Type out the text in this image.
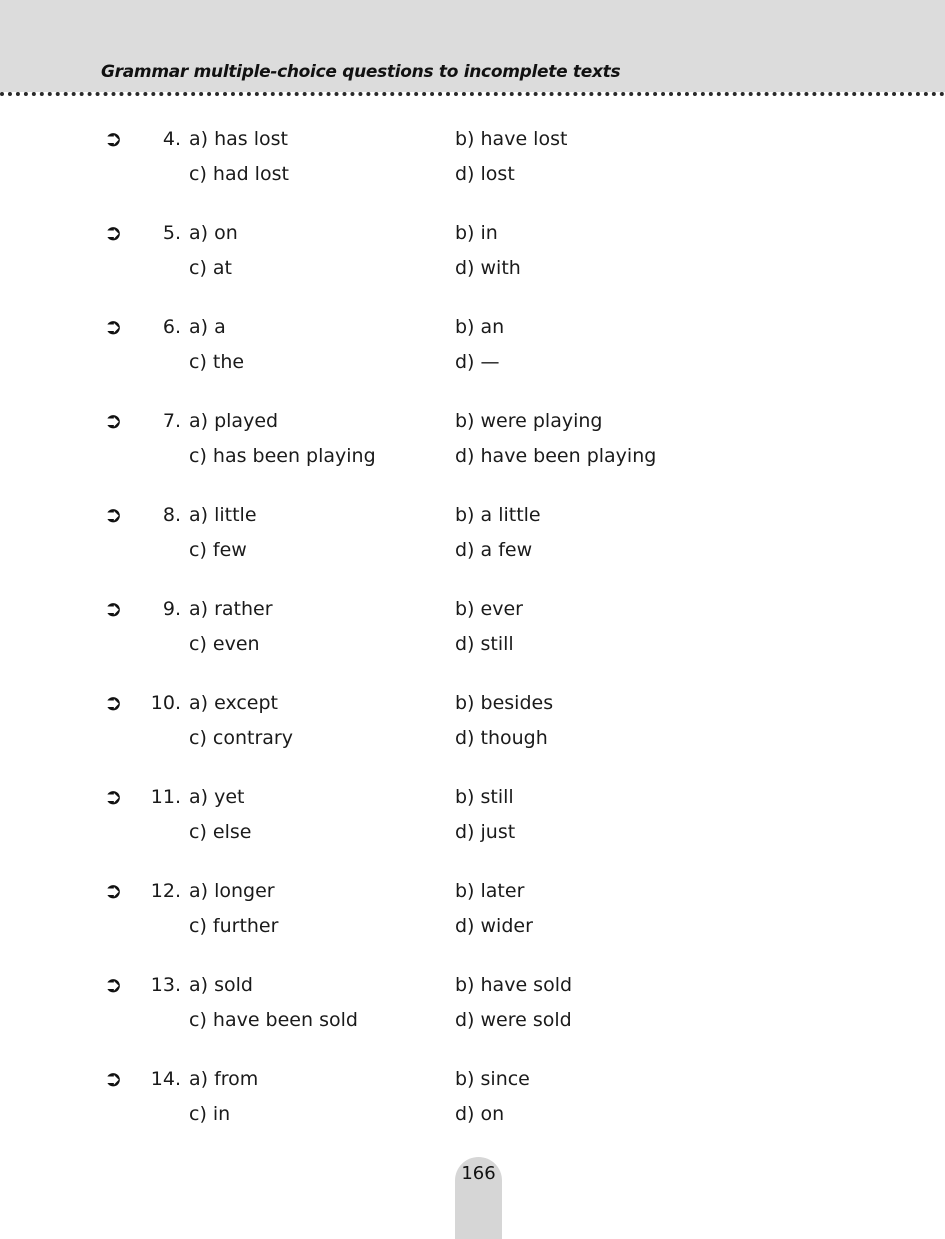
Grammar multiple-choice questions to incomplete texts
➲ 4. a) has lost	b) have lost
c) had lost	d) lost
➲ 5. a) on	b) in
c) at	d) with
➲ 6. a) a	b) an
c) the	d) —
➲ 7. a) played	b) were playing
c) has been playing	d) have been playing
➲ 8. a) little	b) a little
c) few	d) a few
➲ 9. a) rather	b) ever
c) even	d) still
➲ 10. a) except	b) besides
c) contrary	d) though
➲ 11. a) yet	b) still
c) else	d) just
➲ 12. a) longer	b) later
c) further	d) wider
➲ 13. a) sold	b) have sold
c) have been sold	d) were sold
➲ 14. a) from	b) since
c) in	d) on
166
